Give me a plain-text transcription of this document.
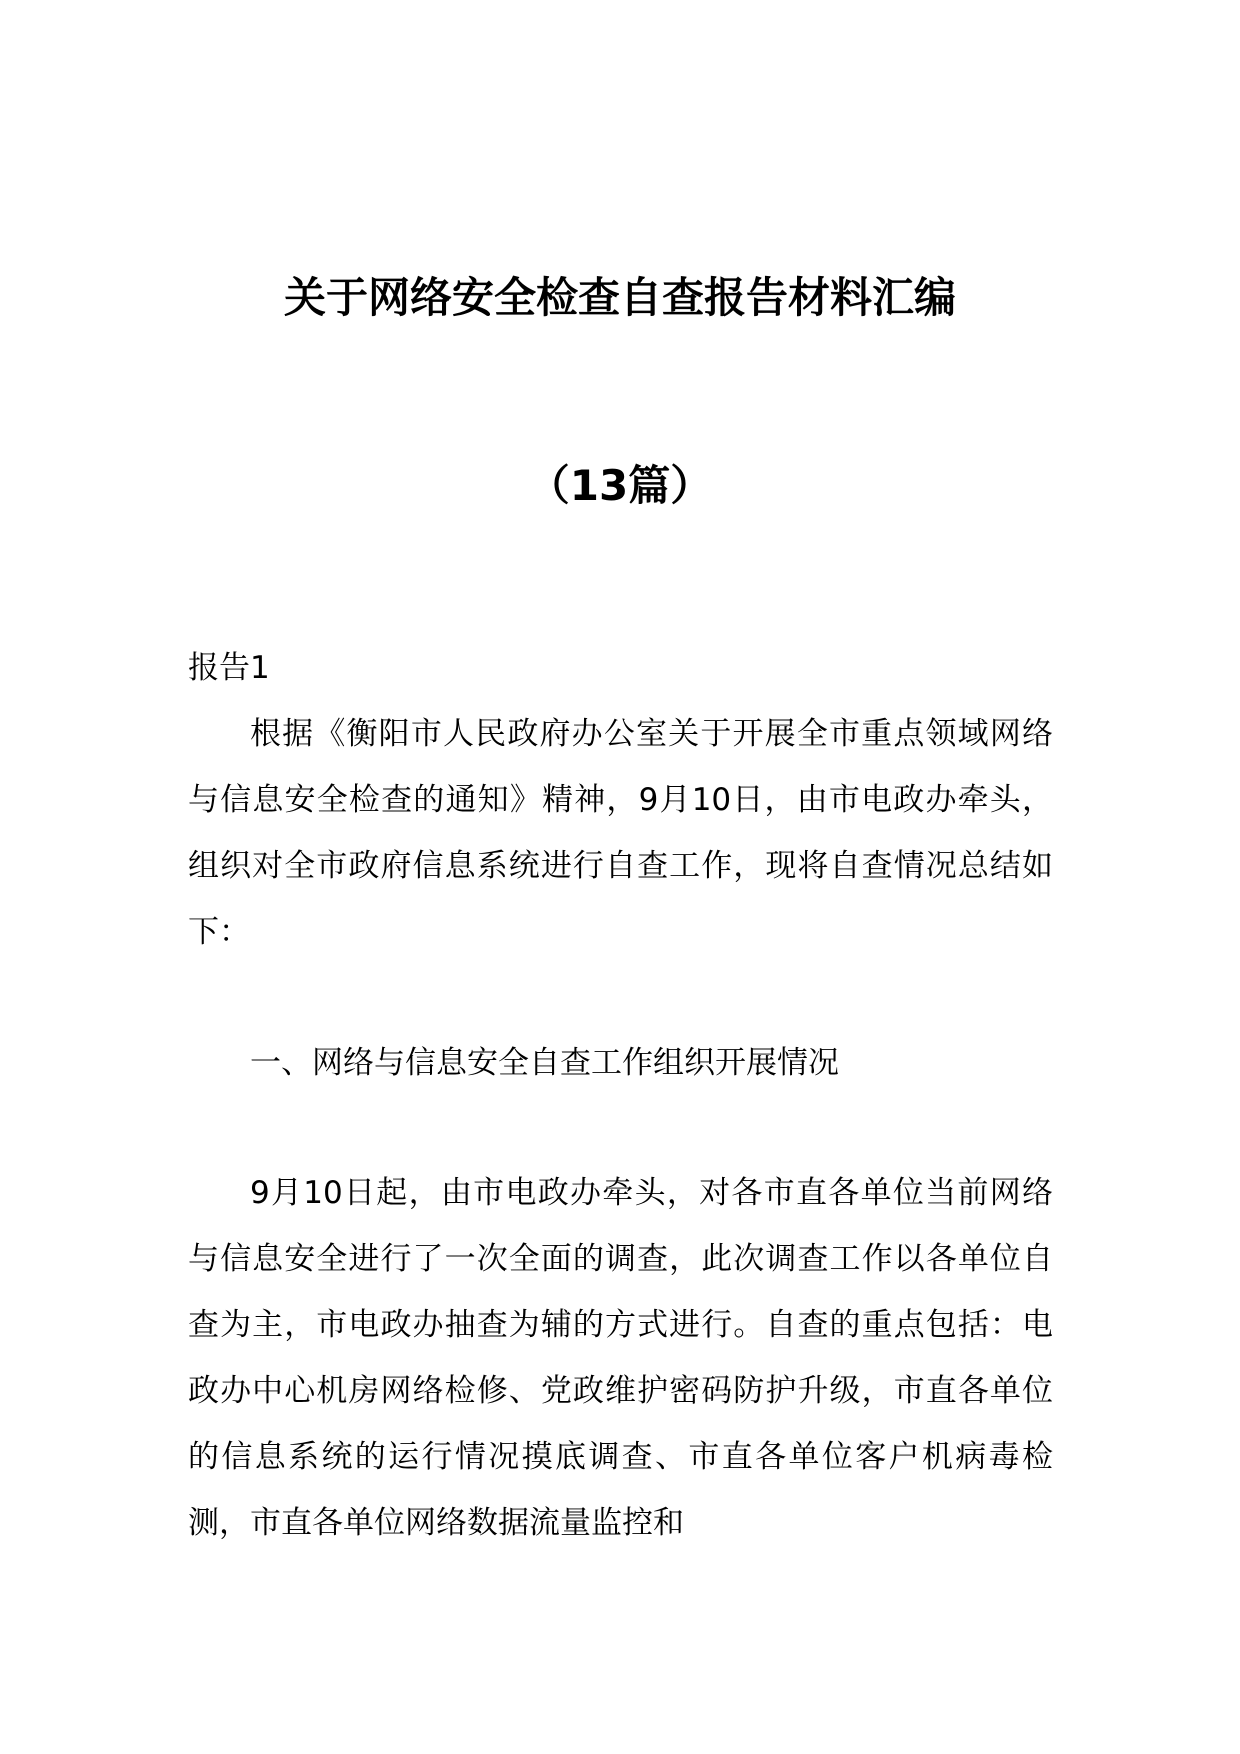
关于网络安全检查自查报告材料汇编
（13篇）

报告1

根据《衡阳市人民政府办公室关于开展全市重点领域网络与信息安全检查的通知》精神，9月10日，由市电政办牵头，组织对全市政府信息系统进行自查工作，现将自查情况总结如下：

一、网络与信息安全自查工作组织开展情况

9月10日起，由市电政办牵头，对各市直各单位当前网络与信息安全进行了一次全面的调查，此次调查工作以各单位自查为主，市电政办抽查为辅的方式进行。自查的重点包括：电政办中心机房网络检修、党政维护密码防护升级，市直各单位的信息系统的运行情况摸底调查、市直各单位客户机病毒检测，市直各单位网络数据流量监控和
